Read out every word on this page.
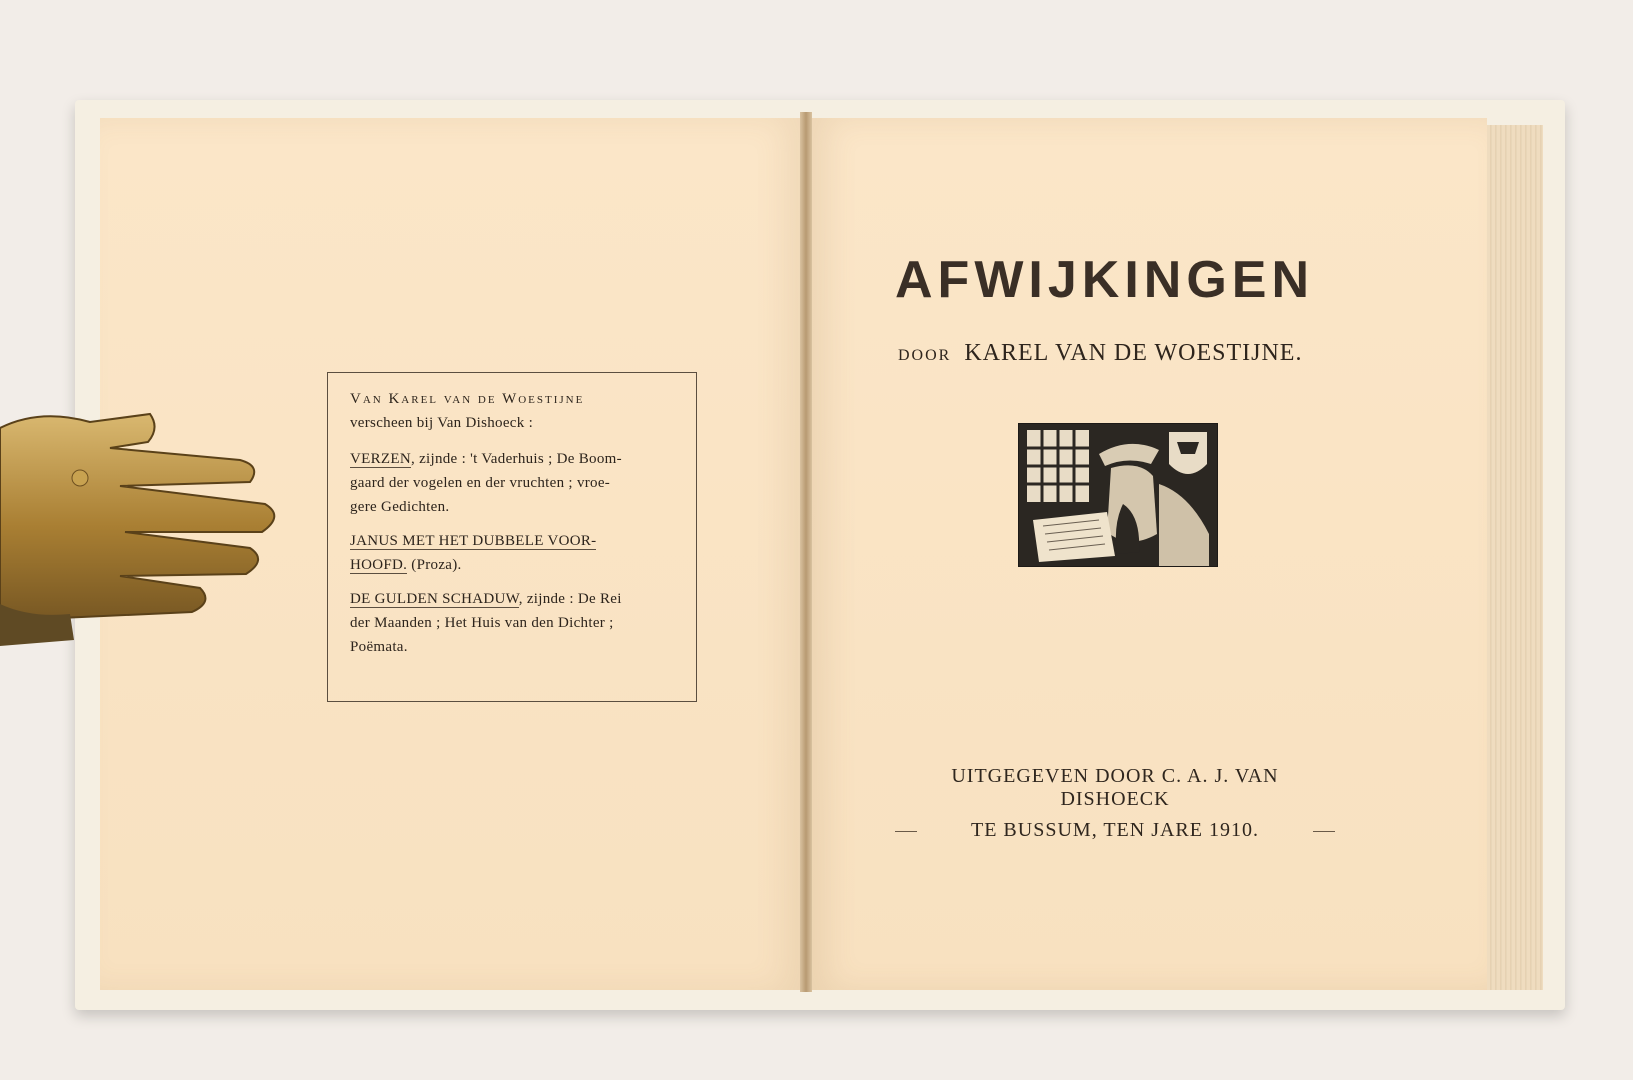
Van Karel van de Woestijne
verscheen bij Van Dishoeck :
VERZEN, zijnde : 't Vaderhuis ; De Boom-
gaard der vogelen en der vruchten ; vroe-
gere Gedichten.
JANUS MET HET DUBBELE VOOR-
HOOFD. (Proza).
DE GULDEN SCHADUW, zijnde : De Rei
der Maanden ; Het Huis van den Dichter ;
Poëmata.
AFWIJKINGEN
DOOR KAREL VAN DE WOESTIJNE.
UITGEGEVEN DOOR C. A. J. VAN DISHOECK
TE BUSSUM, TEN JARE 1910.
